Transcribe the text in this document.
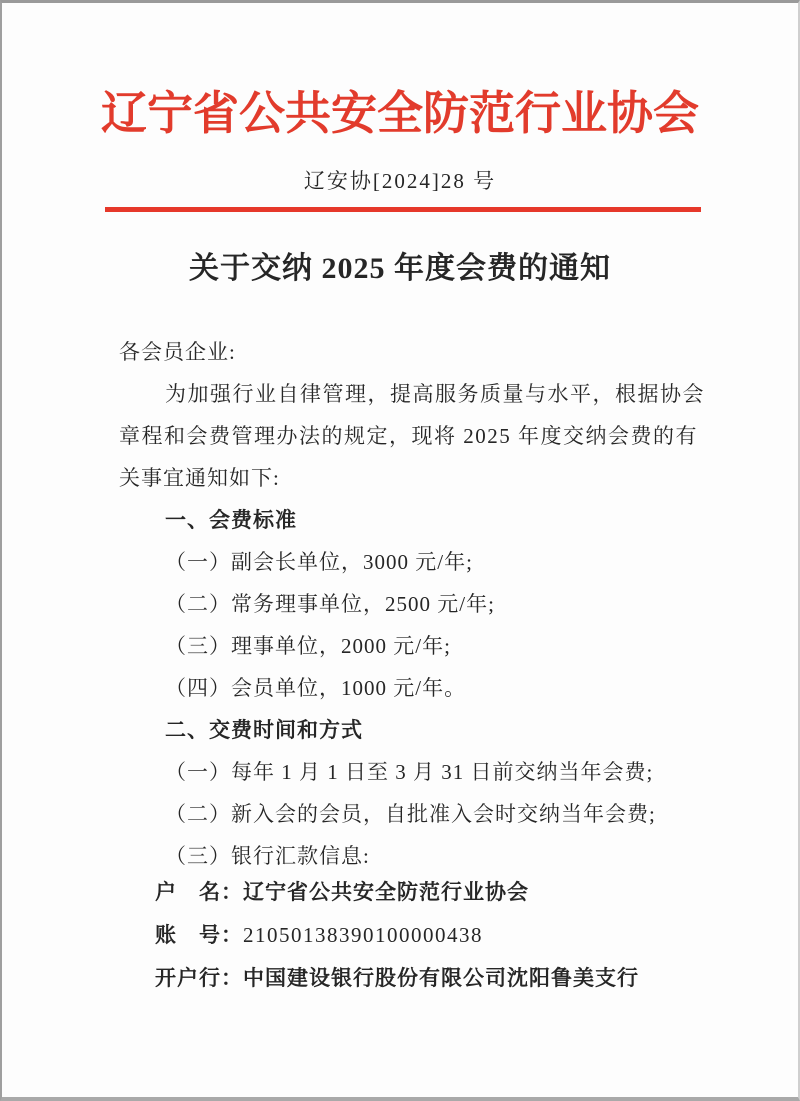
辽宁省公共安全防范行业协会
辽安协[2024]28 号
关于交纳 2025 年度会费的通知
各会员企业:
为加强行业自律管理，提高服务质量与水平，根据协会
章程和会费管理办法的规定，现将 2025 年度交纳会费的有
关事宜通知如下:
一、会费标准
（一）副会长单位，3000 元/年;
（二）常务理事单位，2500 元/年;
（三）理事单位，2000 元/年;
（四）会员单位，1000 元/年。
二、交费时间和方式
（一）每年 1 月 1 日至 3 月 31 日前交纳当年会费;
（二）新入会的会员，自批准入会时交纳当年会费;
（三）银行汇款信息:
户　名：辽宁省公共安全防范行业协会
账　号：21050138390100000438
开户行：中国建设银行股份有限公司沈阳鲁美支行
